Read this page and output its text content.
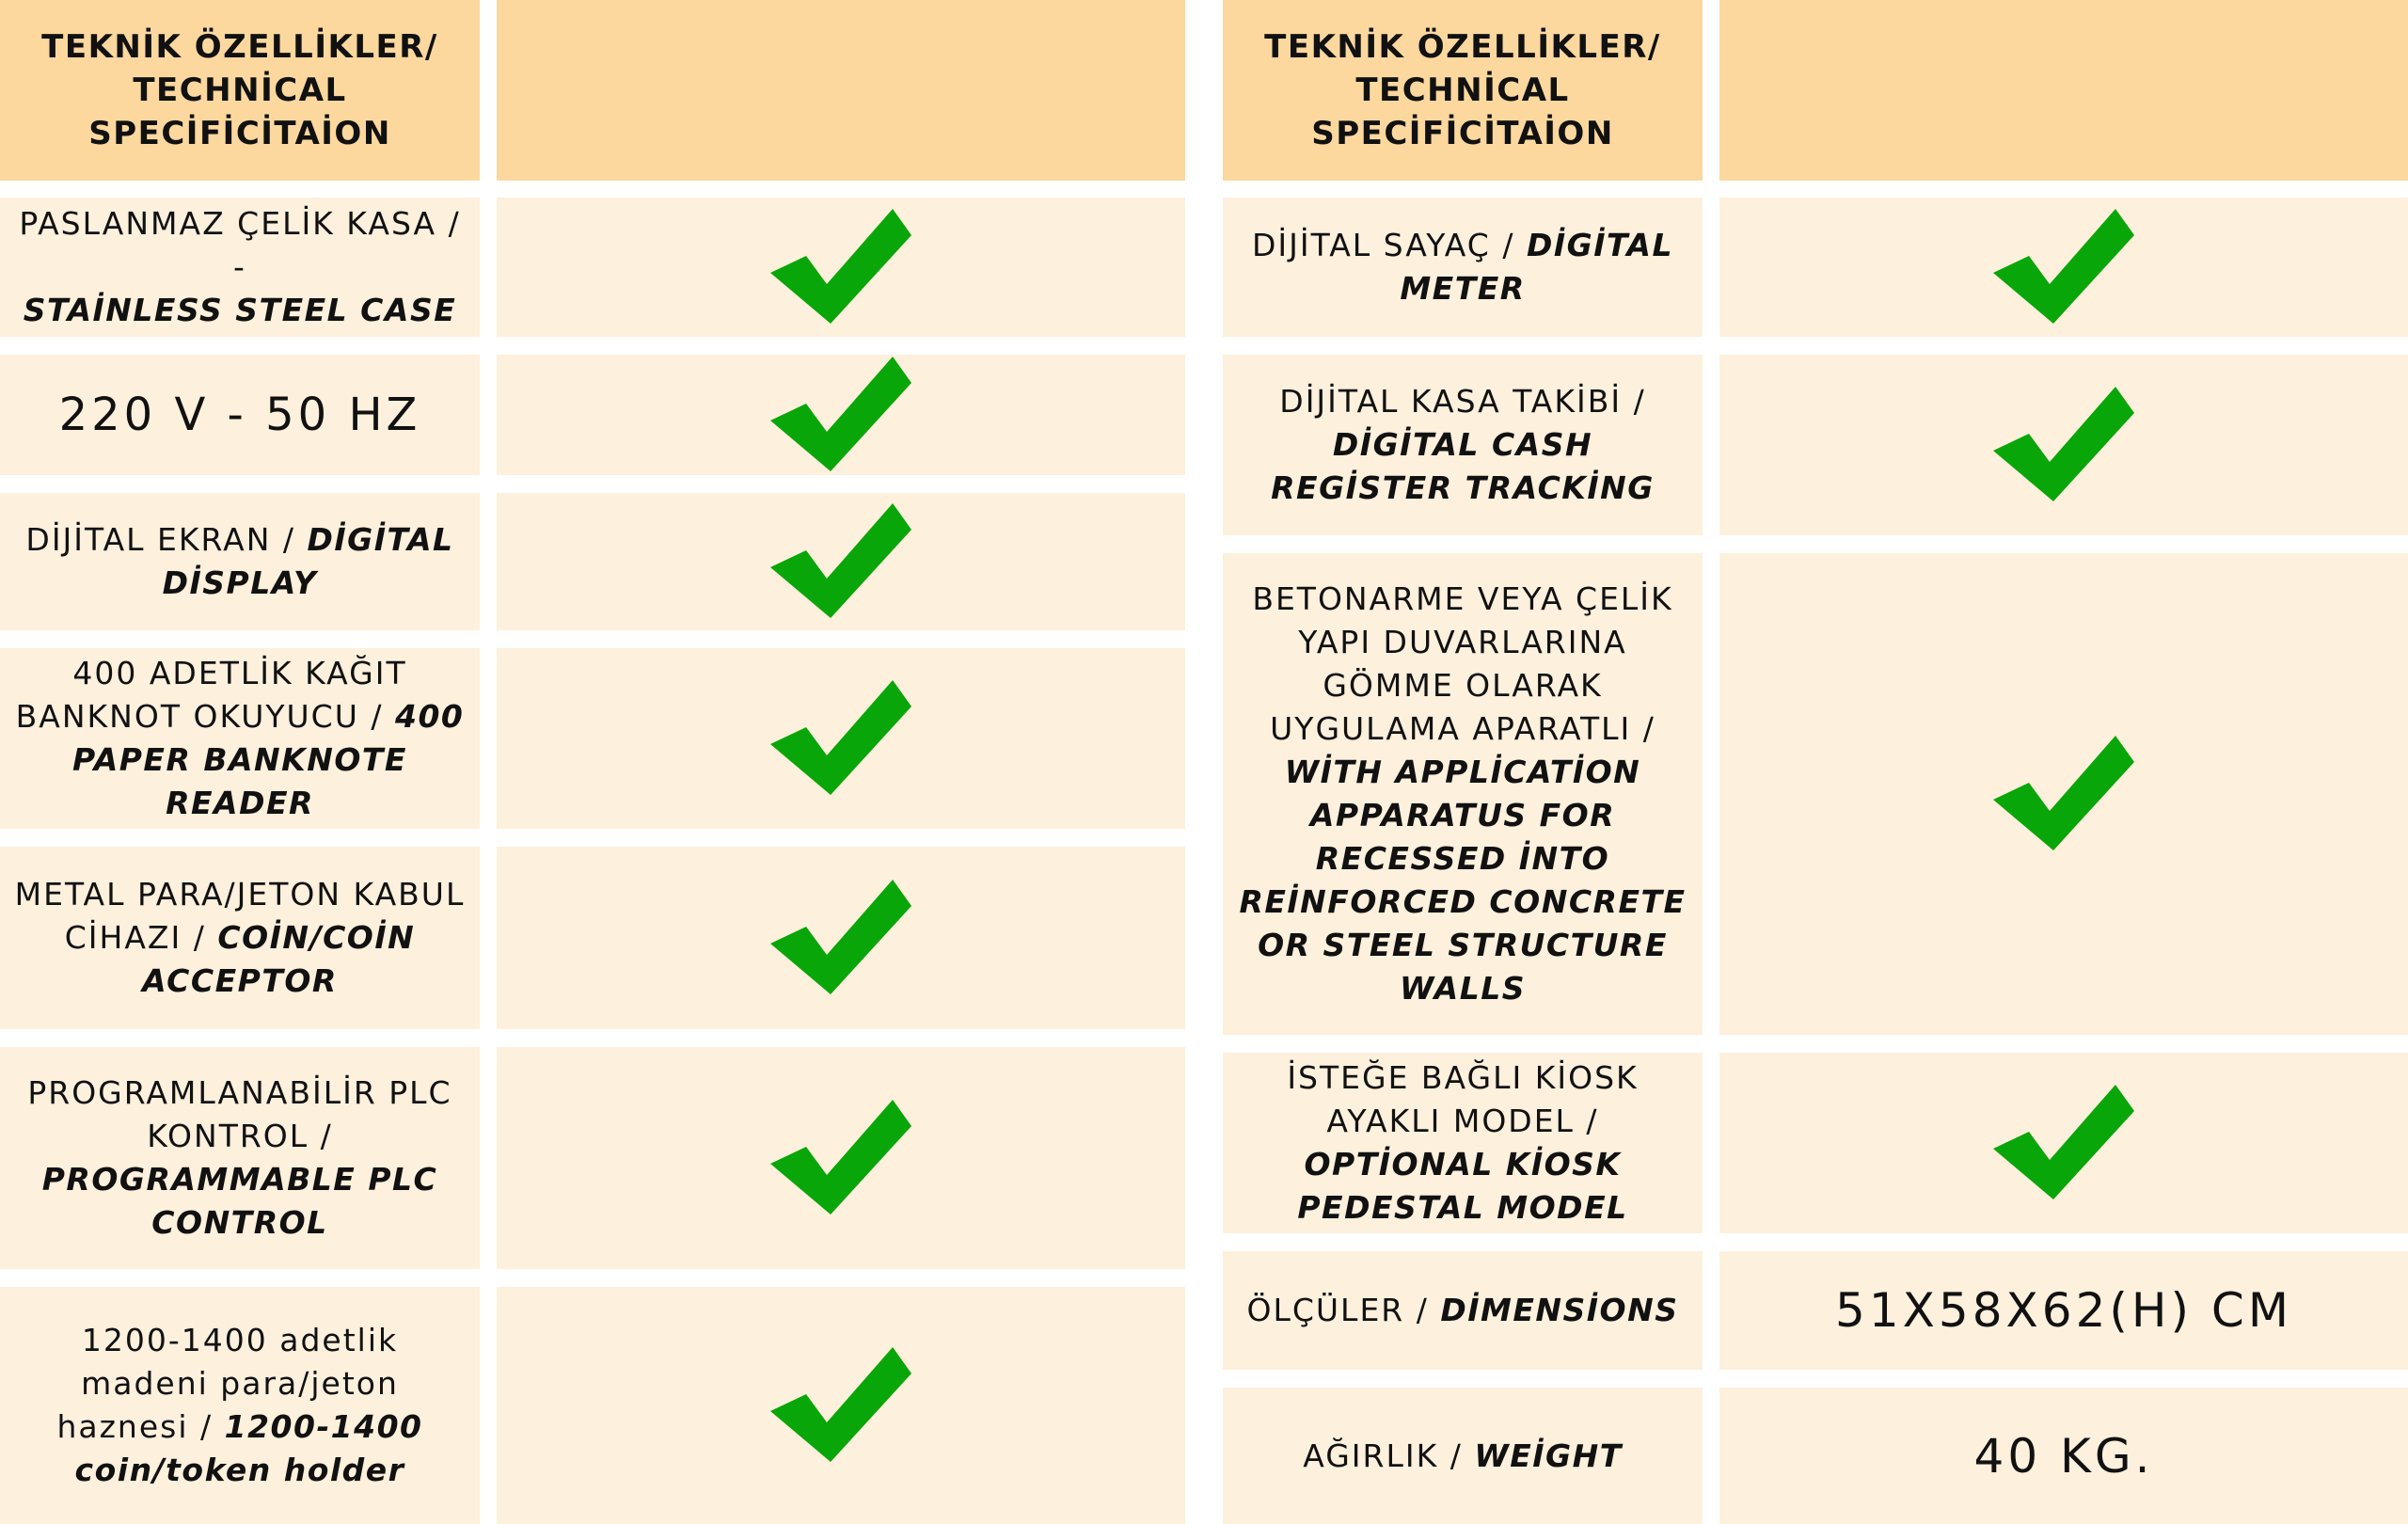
TEKNİK ÖZELLİKLER/ TECHNİCAL SPECİFİCİTAİON
PASLANMAZ ÇELİK KASA / -
STAİNLESS STEEL CASE
220 V - 50 HZ
DİJİTAL EKRAN / DİGİTAL DİSPLAY
400 ADETLİK KAĞIT BANKNOT OKUYUCU / 400 PAPER BANKNOTE READER
METAL PARA/JETON KABUL CİHAZI / COİN/COİN ACCEPTOR
PROGRAMLANABİLİR PLC KONTROL / PROGRAMMABLE PLC CONTROL
1200-1400 adetlik madeni para/jeton haznesi / 1200-1400 coin/token holder
TEKNİK ÖZELLİKLER/ TECHNİCAL SPECİFİCİTAİON
DİJİTAL SAYAÇ / DİGİTAL METER
DİJİTAL KASA TAKİBİ / DİGİTAL CASH REGİSTER TRACKİNG
BETONARME VEYA ÇELİK YAPI DUVARLARINA GÖMME OLARAK UYGULAMA APARATLI / WİTH APPLİCATİON APPARATUS FOR RECESSED İNTO REİNFORCED CONCRETE OR STEEL STRUCTURE WALLS
İSTEĞE BAĞLI KİOSK AYAKLI MODEL / OPTİONAL KİOSK PEDESTAL MODEL
ÖLÇÜLER / DİMENSİONS	51X58X62(H) CM
AĞIRLIK / WEİGHT	40 KG.
